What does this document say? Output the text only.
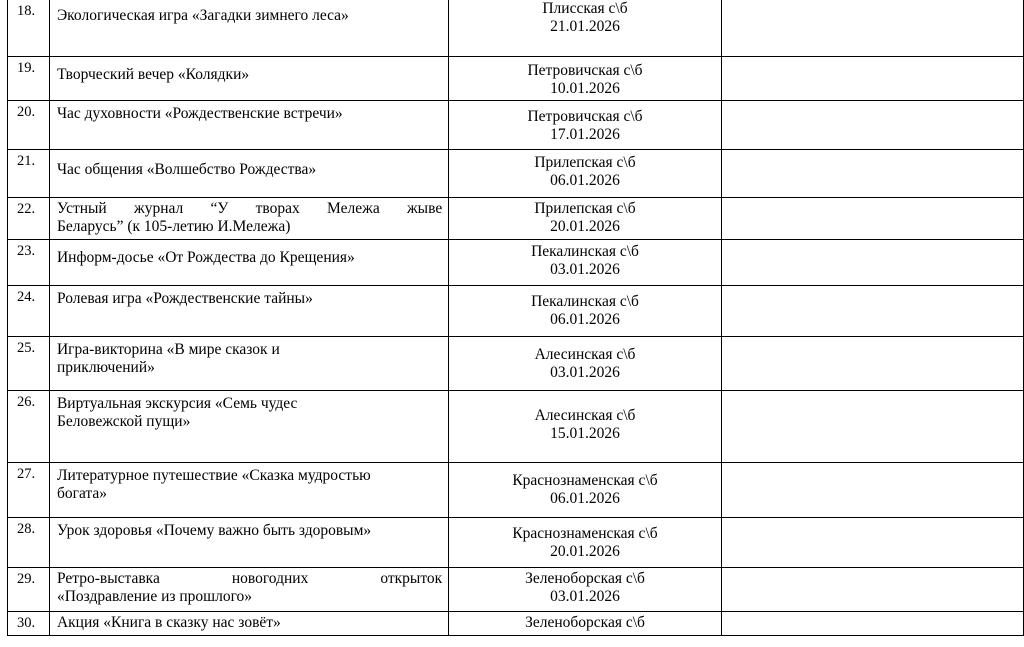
18.	Экологическая игра «Загадки зимнего леса»	Плисская с\б
21.01.2026	

19.	Творческий вечер «Колядки»	Петровичская с\б
10.01.2026	

20.	Час духовности «Рождественские встречи»	Петровичская с\б
17.01.2026	

21.	Час общения «Волшебство Рождества»	Прилепская с\б
06.01.2026	

22.	Устный журнал “У творах Мележа жыве
Беларусь” (к 105-летию И.Мележа)	Прилепская с\б
20.01.2026	

23.	Информ-досье «От Рождества до Крещения»	Пекалинская с\б
03.01.2026	

24.	Ролевая игра «Рождественские тайны»	Пекалинская с\б
06.01.2026	

25.	Игра-викторина «В мире сказок и
приключений»	Алесинская с\б
03.01.2026	

26.	Виртуальная экскурсия «Семь чудес
Беловежской пущи»	Алесинская с\б
15.01.2026	

27.	Литературное путешествие «Сказка мудростью
богата»	Краснознаменская с\б
06.01.2026	

28.	Урок здоровья «Почему важно быть здоровым»	Краснознаменская с\б
20.01.2026	

29.	Ретро-выставка новогодних открыток
«Поздравление из прошлого»	Зеленоборская с\б
03.01.2026	

30.	Акция «Книга в сказку нас зовёт»	Зеленоборская с\б	
